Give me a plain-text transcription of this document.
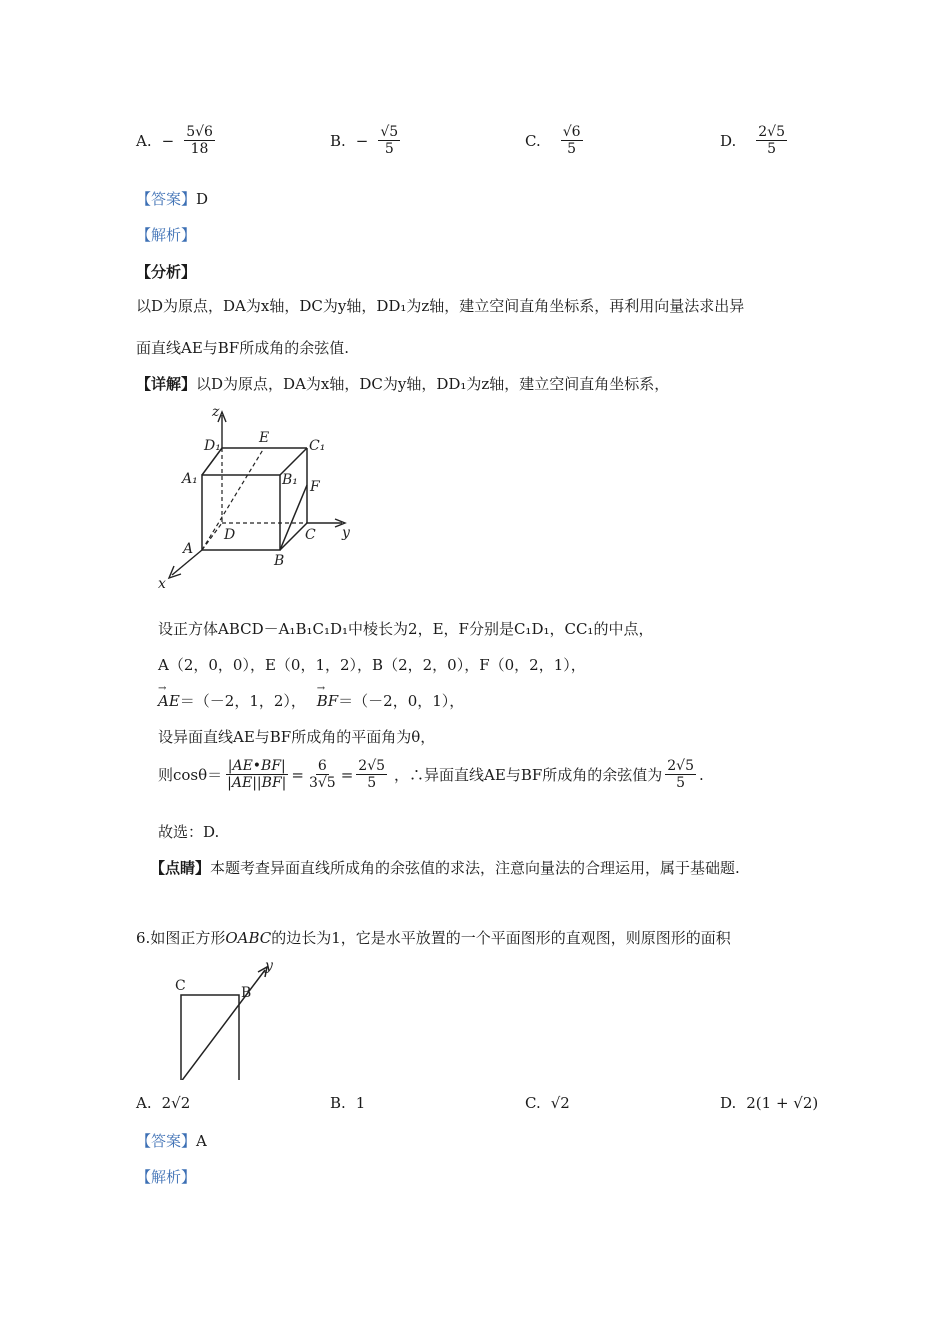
A. − $\frac{5√6}{18}$	B. − $\frac{√5}{5}$	C. $\frac{√6}{5}$	D. $\frac{2√5}{5}$
【答案】D
【解析】
【分析】
以D为原点，DA为x轴，DC为y轴，DD₁为z轴，建立空间直角坐标系，再利用向量法求出异
面直线AE与BF所成角的余弦值.
【详解】以D为原点，DA为x轴，DC为y轴，DD₁为z轴，建立空间直角坐标系，
z
D₁	E	C₁
A₁	B₁ F
D	C y
A
B
x
设正方体ABCD－A₁B₁C₁D₁中棱长为2，E，F分别是C₁D₁，CC₁的中点，
A（2，0，0），E（0，1，2），B（2，2，0），F（0，2，1），
→ AE＝（－2，1，2）， → BF＝（－2，0，1），
设异面直线AE与BF所成角的平面角为θ，
则$\cos\theta= \frac{|AE•BF|}{|AE||BF|} = \frac{6}{3√5} = \frac{2√5}{5}$ ，∴异面直线AE与BF所成角的余弦值为 $\frac{2√5}{5}$ .
故选：D.
【点睛】本题考查异面直线所成角的余弦值的求法，注意向量法的合理运用，属于基础题.
6.如图正方形OABC的边长为1，它是水平放置的一个平面图形的直观图，则原图形的面积
C	B
y
A. 2√2	B. 1	C. √2	D. 2(1 + √2)
【答案】A
【解析】
